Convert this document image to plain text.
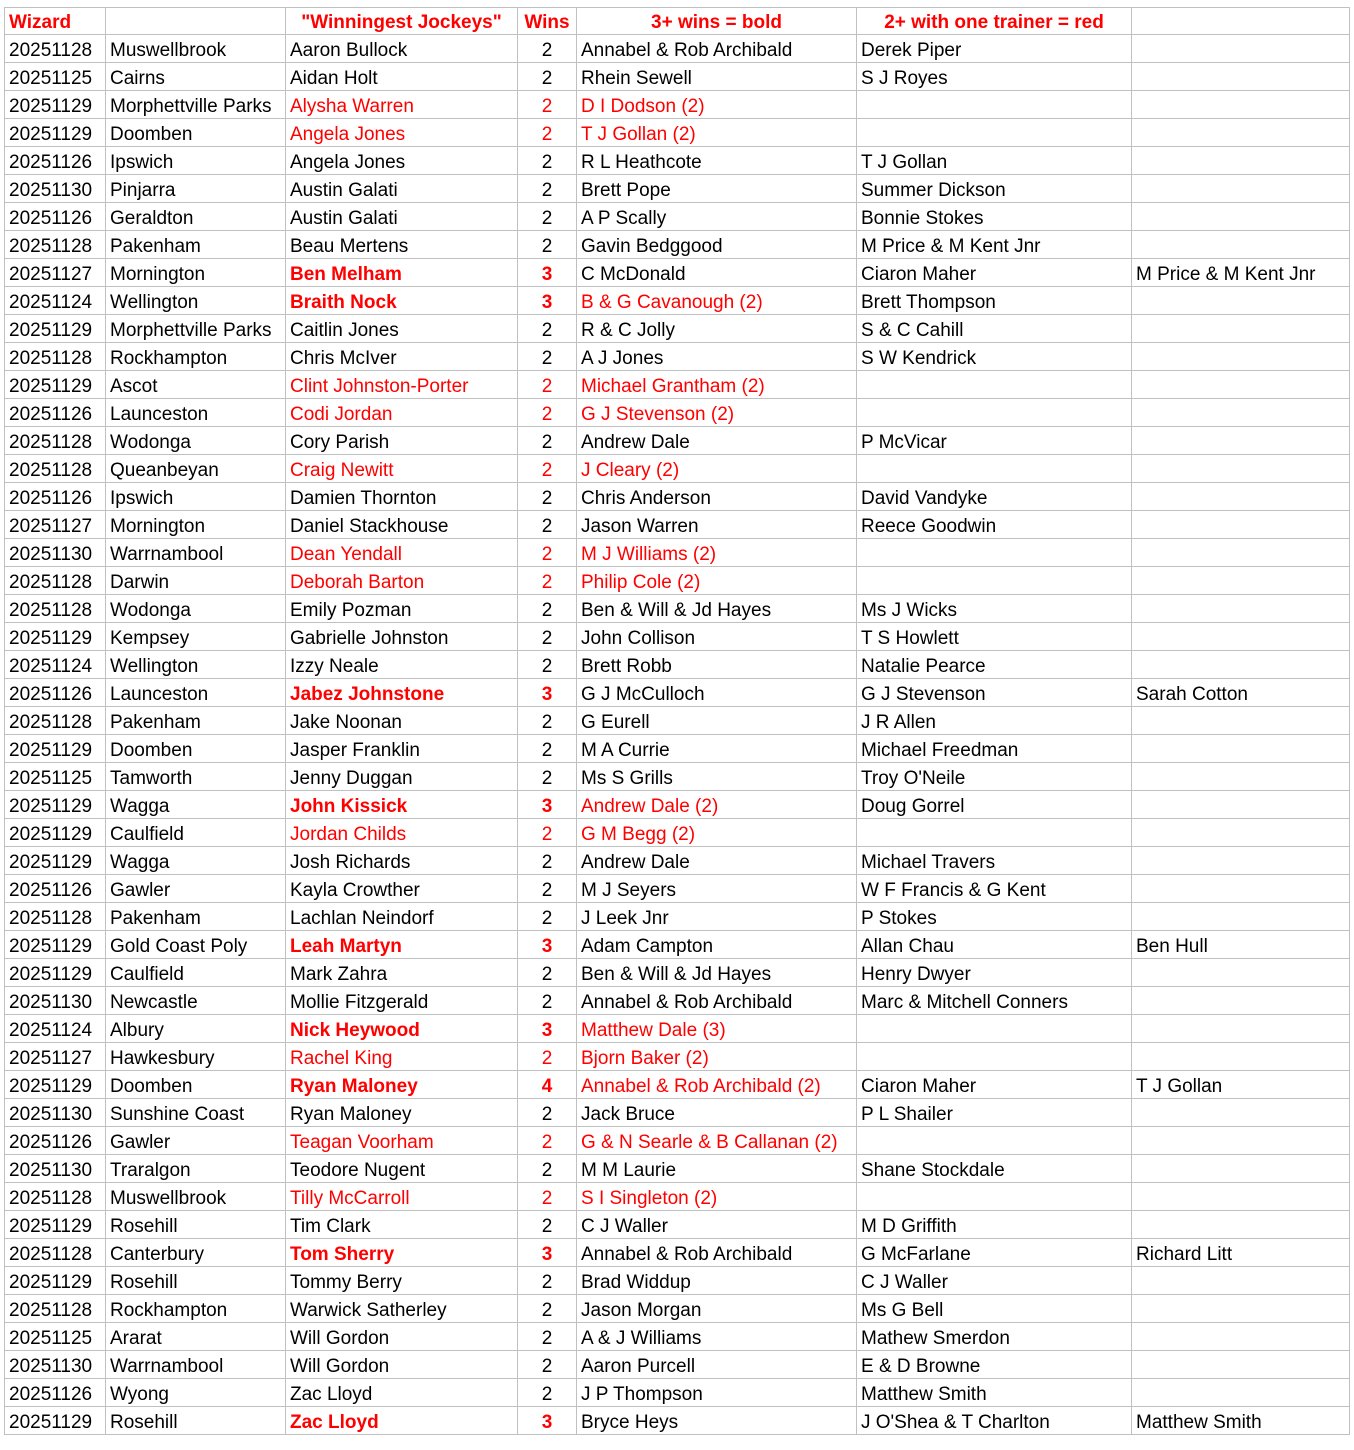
Wizard		"Winningest Jockeys"	Wins	3+ wins = bold	2+ with one trainer = red	
20251128	Muswellbrook	Aaron Bullock	2	Annabel & Rob Archibald	Derek Piper	
20251125	Cairns	Aidan Holt	2	Rhein Sewell	S J Royes	
20251129	Morphettville Parks	Alysha Warren	2	D I Dodson (2)		
20251129	Doomben	Angela Jones	2	T J Gollan (2)		
20251126	Ipswich	Angela Jones	2	R L Heathcote	T J Gollan	
20251130	Pinjarra	Austin Galati	2	Brett Pope	Summer Dickson	
20251126	Geraldton	Austin Galati	2	A P Scally	Bonnie Stokes	
20251128	Pakenham	Beau Mertens	2	Gavin Bedggood	M Price & M Kent Jnr	
20251127	Mornington	Ben Melham	3	C McDonald	Ciaron Maher	M Price & M Kent Jnr
20251124	Wellington	Braith Nock	3	B & G Cavanough (2)	Brett Thompson	
20251129	Morphettville Parks	Caitlin Jones	2	R & C Jolly	S & C Cahill	
20251128	Rockhampton	Chris McIver	2	A J Jones	S W Kendrick	
20251129	Ascot	Clint Johnston-Porter	2	Michael Grantham (2)		
20251126	Launceston	Codi Jordan	2	G J Stevenson (2)		
20251128	Wodonga	Cory Parish	2	Andrew Dale	P McVicar	
20251128	Queanbeyan	Craig Newitt	2	J Cleary (2)		
20251126	Ipswich	Damien Thornton	2	Chris Anderson	David Vandyke	
20251127	Mornington	Daniel Stackhouse	2	Jason Warren	Reece Goodwin	
20251130	Warrnambool	Dean Yendall	2	M J Williams (2)		
20251128	Darwin	Deborah Barton	2	Philip Cole (2)		
20251128	Wodonga	Emily Pozman	2	Ben & Will & Jd Hayes	Ms J Wicks	
20251129	Kempsey	Gabrielle Johnston	2	John Collison	T S Howlett	
20251124	Wellington	Izzy Neale	2	Brett Robb	Natalie Pearce	
20251126	Launceston	Jabez Johnstone	3	G J McCulloch	G J Stevenson	Sarah Cotton
20251128	Pakenham	Jake Noonan	2	G Eurell	J R Allen	
20251129	Doomben	Jasper Franklin	2	M A Currie	Michael Freedman	
20251125	Tamworth	Jenny Duggan	2	Ms S Grills	Troy O'Neile	
20251129	Wagga	John Kissick	3	Andrew Dale (2)	Doug Gorrel	
20251129	Caulfield	Jordan Childs	2	G M Begg (2)		
20251129	Wagga	Josh Richards	2	Andrew Dale	Michael Travers	
20251126	Gawler	Kayla Crowther	2	M J Seyers	W F Francis & G Kent	
20251128	Pakenham	Lachlan Neindorf	2	J Leek Jnr	P Stokes	
20251129	Gold Coast Poly	Leah Martyn	3	Adam Campton	Allan Chau	Ben Hull
20251129	Caulfield	Mark Zahra	2	Ben & Will & Jd Hayes	Henry Dwyer	
20251130	Newcastle	Mollie Fitzgerald	2	Annabel & Rob Archibald	Marc & Mitchell Conners	
20251124	Albury	Nick Heywood	3	Matthew Dale (3)		
20251127	Hawkesbury	Rachel King	2	Bjorn Baker (2)		
20251129	Doomben	Ryan Maloney	4	Annabel & Rob Archibald (2)	Ciaron Maher	T J Gollan
20251130	Sunshine Coast	Ryan Maloney	2	Jack Bruce	P L Shailer	
20251126	Gawler	Teagan Voorham	2	G & N Searle & B Callanan (2)		
20251130	Traralgon	Teodore Nugent	2	M M Laurie	Shane Stockdale	
20251128	Muswellbrook	Tilly McCarroll	2	S I Singleton (2)		
20251129	Rosehill	Tim Clark	2	C J Waller	M D Griffith	
20251128	Canterbury	Tom Sherry	3	Annabel & Rob Archibald	G McFarlane	Richard Litt
20251129	Rosehill	Tommy Berry	2	Brad Widdup	C J Waller	
20251128	Rockhampton	Warwick Satherley	2	Jason Morgan	Ms G Bell	
20251125	Ararat	Will Gordon	2	A & J Williams	Mathew Smerdon	
20251130	Warrnambool	Will Gordon	2	Aaron Purcell	E & D Browne	
20251126	Wyong	Zac Lloyd	2	J P Thompson	Matthew Smith	
20251129	Rosehill	Zac Lloyd	3	Bryce Heys	J O'Shea & T Charlton	Matthew Smith
